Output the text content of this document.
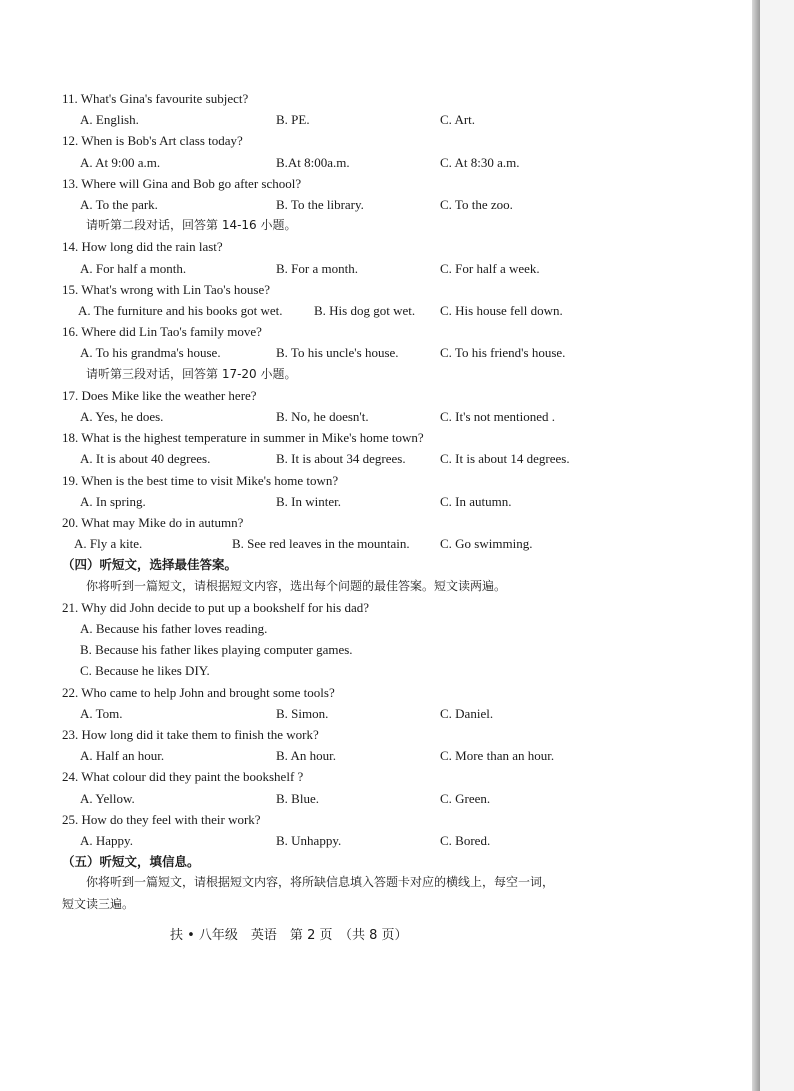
11. What's Gina's favourite subject?

A. English.	B. PE.	C. Art.

12. When is Bob's Art class today?

A. At 9:00 a.m.	B.At 8:00a.m.	C. At 8:30 a.m.

13. Where will Gina and Bob go after school?

A. To the park.	B. To the library.	C. To the zoo.
请听第二段对话，回答第 14-16 小题。

14. How long did the rain last?

A. For half a month.	B. For a month.	C. For half a week.

15. What's wrong with Lin Tao's house?

A. The furniture and his books got wet. B. His dog got wet. C. His house fell down.

16. Where did Lin Tao's family move?

A. To his grandma's house.	B. To his uncle's house.	C. To his friend's house.
请听第三段对话，回答第 17-20 小题。

17. Does Mike like the weather here?

A. Yes, he does.	B. No, he doesn't.	C. It's not mentioned .

18. What is the highest temperature in summer in Mike's home town?

A. It is about 40 degrees.	B. It is about 34 degrees.	C. It is about 14 degrees.

19. When is the best time to visit Mike's home town?

A. In spring.	B. In winter.	C. In autumn.

20. What may Mike do in autumn?

A. Fly a kite.	B. See red leaves in the mountain. C. Go swimming.
（四）听短文，选择最佳答案。
你将听到一篇短文，请根据短文内容，选出每个问题的最佳答案。短文读两遍。

21. Why did John decide to put up a bookshelf for his dad?

A. Because his father loves reading.
B. Because his father likes playing computer games.
C. Because he likes DIY.

22. Who came to help John and brought some tools?

A. Tom.	B. Simon.	C. Daniel.

23. How long did it take them to finish the work?

A. Half an hour.	B. An hour.	C. More than an hour.

24. What colour did they paint the bookshelf ?

A. Yellow.	B. Blue.	C. Green.

25. How do they feel with their work?

A. Happy.	B. Unhappy.	C. Bored.
（五）听短文，填信息。
你将听到一篇短文，请根据短文内容，将所缺信息填入答题卡对应的横线上，每空一词，
短文读三遍。
扶 • 八年级　英语　第 2 页　（共 8 页）
